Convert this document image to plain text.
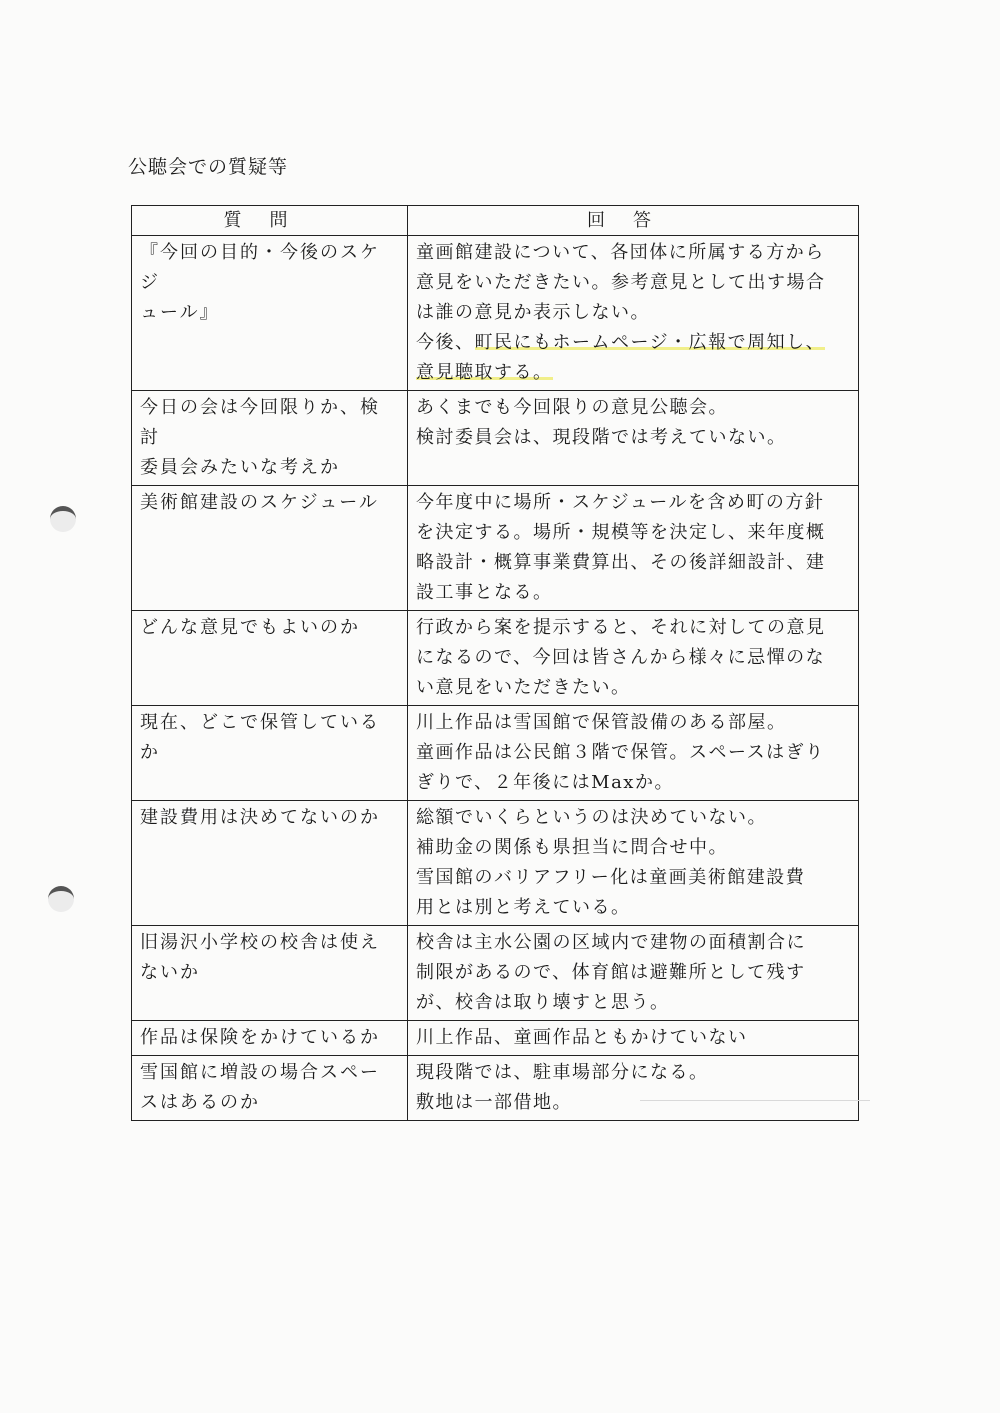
公聴会での質疑等
質問	回答

『今回の目的・今後のスケジ
ュール』	童画館建設について、各団体に所属する方から
意見をいただきたい。参考意見として出す場合
は誰の意見か表示しない。
今後、町民にもホームページ・広報で周知し、
意見聴取する。

今日の会は今回限りか、検討
委員会みたいな考えか	あくまでも今回限りの意見公聴会。
検討委員会は、現段階では考えていない。

美術館建設のスケジュール	今年度中に場所・スケジュールを含め町の方針
を決定する。場所・規模等を決定し、来年度概
略設計・概算事業費算出、その後詳細設計、建
設工事となる。

どんな意見でもよいのか	行政から案を提示すると、それに対しての意見
になるので、今回は皆さんから様々に忌憚のな
い意見をいただきたい。

現在、どこで保管しているか	川上作品は雪国館で保管設備のある部屋。
童画作品は公民館３階で保管。スペースはぎり
ぎりで、２年後にはMaxか。

建設費用は決めてないのか	総額でいくらというのは決めていない。
補助金の関係も県担当に問合せ中。
雪国館のバリアフリー化は童画美術館建設費
用とは別と考えている。

旧湯沢小学校の校舎は使え
ないか	校舎は主水公園の区域内で建物の面積割合に
制限があるので、体育館は避難所として残す
が、校舎は取り壊すと思う。

作品は保険をかけているか	川上作品、童画作品ともかけていない

雪国館に増設の場合スペー
スはあるのか	現段階では、駐車場部分になる。
敷地は一部借地。
